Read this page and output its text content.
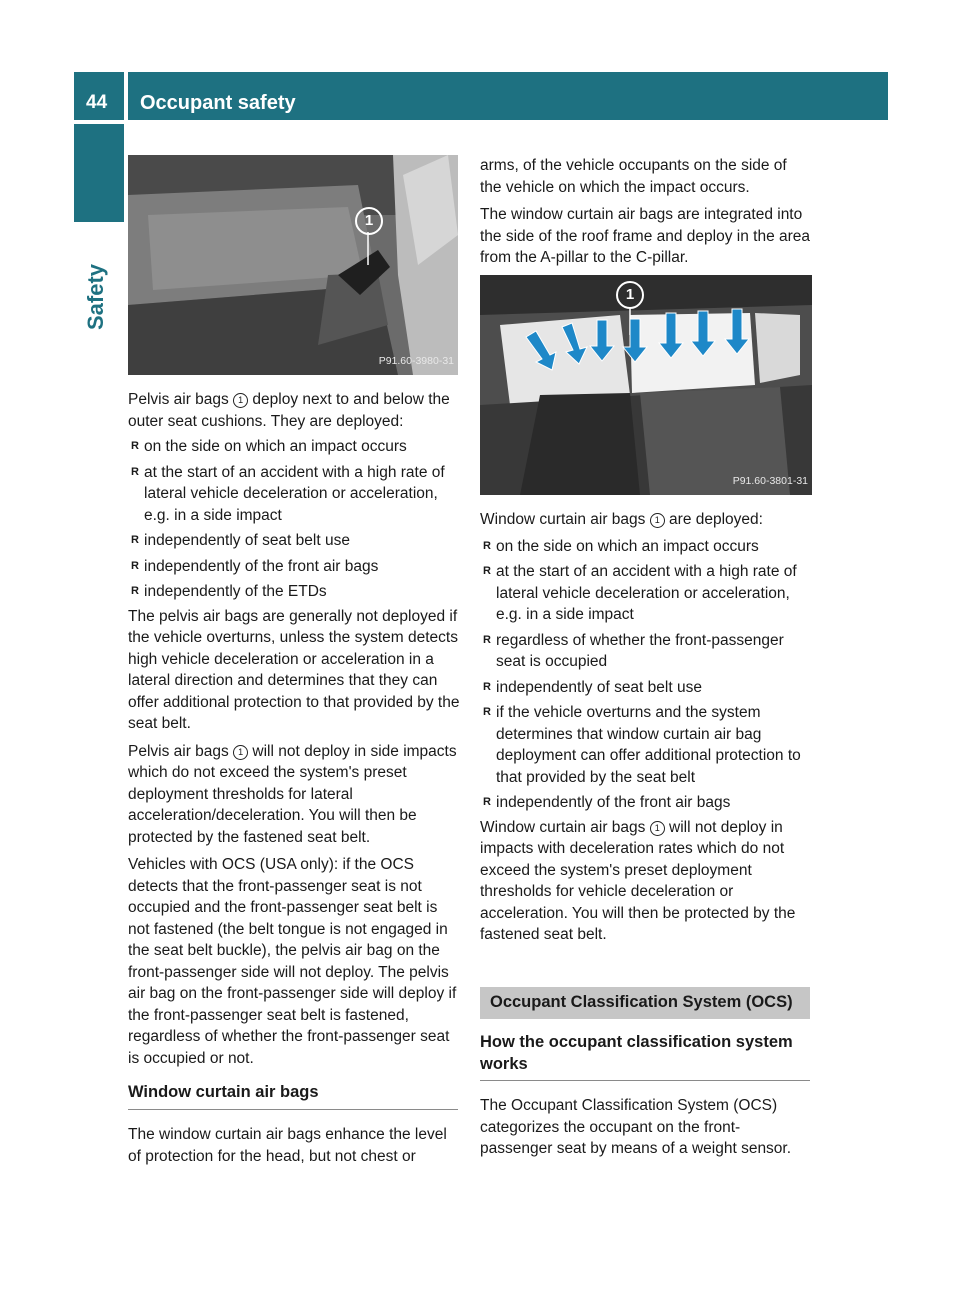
44 Occupant safety
Safety
1
P91.60-3980-31

Pelvis air bags 1 deploy next to and below the outer seat cushions. They are deployed:

R on the side on which an impact occurs
R at the start of an accident with a high rate of lateral vehicle deceleration or acceleration, e.g. in a side impact
R independently of seat belt use
R independently of the front air bags
R independently of the ETDs

The pelvis air bags are generally not deployed if the vehicle overturns, unless the system detects high vehicle deceleration or acceleration in a lateral direction and determines that they can offer additional protection to that provided by the seat belt.

Pelvis air bags 1 will not deploy in side impacts which do not exceed the system's preset deployment thresholds for lateral acceleration/deceleration. You will then be protected by the fastened seat belt.

Vehicles with OCS (USA only): if the OCS detects that the front-passenger seat is not occupied and the front-passenger seat belt is not fastened (the belt tongue is not engaged in the seat belt buckle), the pelvis air bag on the front-passenger side will not deploy. The pelvis air bag on the front-passenger side will deploy if the front-passenger seat belt is fastened, regardless of whether the front-passenger seat is occupied or not.

Window curtain air bags

The window curtain air bags enhance the level of protection for the head, but not chest or

arms, of the vehicle occupants on the side of the vehicle on which the impact occurs.

The window curtain air bags are integrated into the side of the roof frame and deploy in the area from the A-pillar to the C-pillar.

1
P91.60-3801-31

Window curtain air bags 1 are deployed:

R on the side on which an impact occurs
R at the start of an accident with a high rate of lateral vehicle deceleration or acceleration, e.g. in a side impact
R regardless of whether the front-passenger seat is occupied
R independently of seat belt use
R if the vehicle overturns and the system determines that window curtain air bag deployment can offer additional protection to that provided by the seat belt
R independently of the front air bags

Window curtain air bags 1 will not deploy in impacts with deceleration rates which do not exceed the system's preset deployment thresholds for vehicle deceleration or acceleration. You will then be protected by the fastened seat belt.

Occupant Classification System (OCS)
How the occupant classification system works

The Occupant Classification System (OCS) categorizes the occupant on the front-passenger seat by means of a weight sensor.
